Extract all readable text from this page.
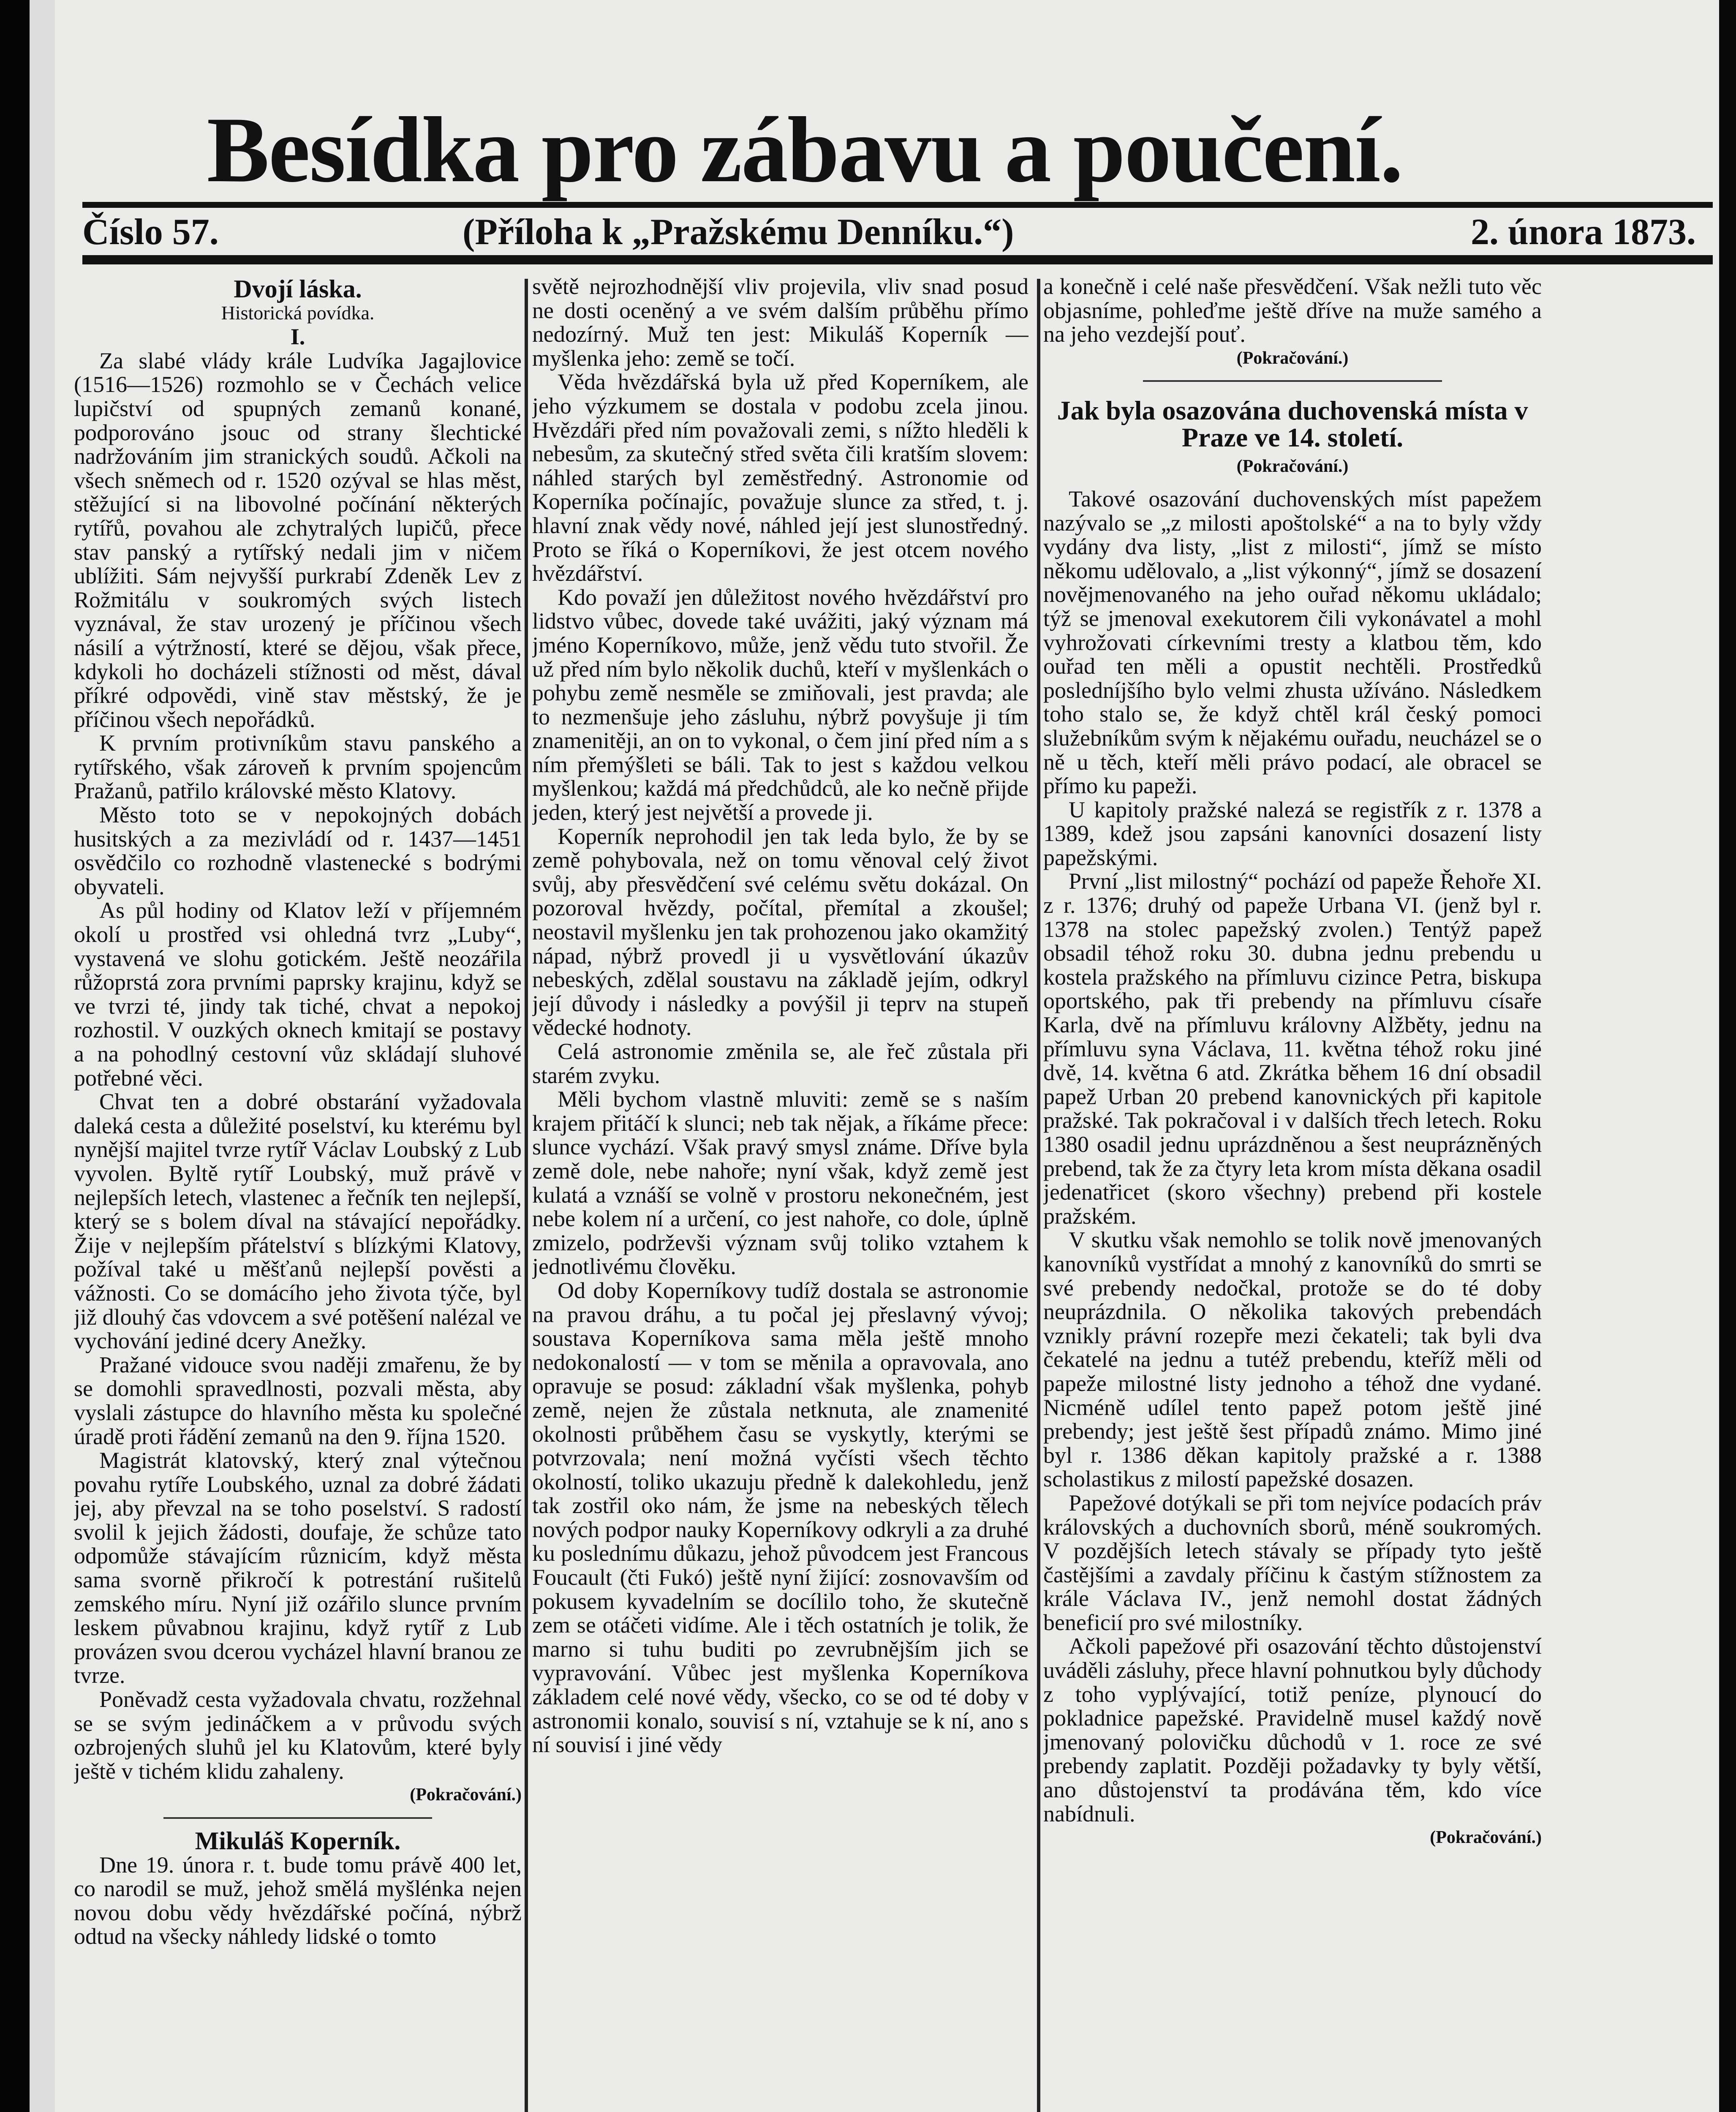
Besídka pro zábavu a poučení.
Číslo 57.	(Příloha k „Pražskému Denníku.“)	2. února 1873.
Dvojí láska.
Historická povídka.
I.

Za slabé vlády krále Ludvíka Jagajlovice (1516—1526) rozmohlo se v Čechách velice lupičství od spupných zemanů konané, podporováno jsouc od strany šlechtické nadržováním jim stranických soudů. Ačkoli na všech sněmech od r. 1520 ozýval se hlas měst, stěžující si na libovolné počínání některých rytířů, povahou ale zchytralých lupičů, přece stav panský a rytířský nedali jim v ničem ublížiti. Sám nejvyšší purkrabí Zdeněk Lev z Rožmitálu v soukromých svých listech vyznával, že stav urozený je příčinou všech násilí a výtržností, které se dějou, však přece, kdykoli ho docházeli stížnosti od měst, dával příkré odpovědi, vině stav městský, že je příčinou všech nepořádků.

K prvním protivníkům stavu panského a rytířského, však zároveň k prvním spojencům Pražanů, patřilo královské město Klatovy.

Město toto se v nepokojných dobách husitských a za mezivládí od r. 1437—1451 osvědčilo co rozhodně vlastenecké s bodrými obyvateli.

As půl hodiny od Klatov leží v příjemném okolí u prostřed vsi ohledná tvrz „Luby“, vystavená ve slohu gotickém. Ještě neozářila růžoprstá zora prvními paprsky krajinu, když se ve tvrzi té, jindy tak tiché, chvat a nepokoj rozhostil. V ouzkých oknech kmitají se postavy a na pohodlný cestovní vůz skládají sluhové potřebné věci.

Chvat ten a dobré obstarání vyžadovala daleká cesta a důležité poselství, ku kterému byl nynější majitel tvrze rytíř Václav Loubský z Lub vyvolen. Byltě rytíř Loubský, muž právě v nejlepších letech, vlastenec a řečník ten nejlepší, který se s bolem díval na stávající nepořádky. Žije v nejlepším přátelství s blízkými Klatovy, požíval také u měšťanů nejlepší pověsti a vážnosti. Co se domácího jeho života týče, byl již dlouhý čas vdovcem a své potěšení nalézal ve vychování jediné dcery Anežky.

Pražané vidouce svou naději zmařenu, že by se domohli spravedlnosti, pozvali města, aby vyslali zástupce do hlavního města ku společné úradě proti řádění zemanů na den 9. října 1520.

Magistrát klatovský, který znal výtečnou povahu rytíře Loubského, uznal za dobré žádati jej, aby převzal na se toho poselství. S radostí svolil k jejich žádosti, doufaje, že schůze tato odpomůže stávajícím různicím, když města sama svorně přikročí k potrestání rušitelů zemského míru. Nyní již ozářilo slunce prvním leskem půvabnou krajinu, když rytíř z Lub provázen svou dcerou vycházel hlavní branou ze tvrze.

Poněvadž cesta vyžadovala chvatu, rozžehnal se se svým jedináčkem a v průvodu svých ozbrojených sluhů jel ku Klatovům, které byly ještě v tichém klidu zahaleny.

(Pokračování.)
Mikuláš Koperník.

Dne 19. února r. t. bude tomu právě 400 let, co narodil se muž, jehož smělá myšlénka nejen novou dobu vědy hvězdářské počíná, nýbrž odtud na všecky náhledy lidské o tomto

světě nejrozhodnější vliv projevila, vliv snad posud ne dosti oceněný a ve svém dalším průběhu přímo nedozírný. Muž ten jest: Mikuláš Koperník — myšlenka jeho: země se točí.

Věda hvězdářská byla už před Koperníkem, ale jeho výzkumem se dostala v podobu zcela jinou. Hvězdáři před ním považovali zemi, s nížto hleděli k nebesům, za skutečný střed světa čili kratším slovem: náhled starých byl zeměstředný. Astronomie od Koperníka počínajíc, považuje slunce za střed, t. j. hlavní znak vědy nové, náhled její jest slunostředný. Proto se říká o Koperníkovi, že jest otcem nového hvězdářství.

Kdo považí jen důležitost nového hvězdářství pro lidstvo vůbec, dovede také uvážiti, jaký význam má jméno Koperníkovo, může, jenž vědu tuto stvořil. Že už před ním bylo několik duchů, kteří v myšlenkách o pohybu země nesměle se zmiňovali, jest pravda; ale to nezmenšuje jeho zásluhu, nýbrž povyšuje ji tím znamenitěji, an on to vykonal, o čem jiní před ním a s ním přemýšleti se báli. Tak to jest s každou velkou myšlenkou; každá má předchůdců, ale ko nečně přijde jeden, který jest největší a provede ji.

Koperník neprohodil jen tak leda bylo, že by se země pohybovala, než on tomu věnoval celý život svůj, aby přesvědčení své celému světu dokázal. On pozoroval hvězdy, počítal, přemítal a zkoušel; neostavil myšlenku jen tak prohozenou jako okamžitý nápad, nýbrž provedl ji u vysvětlování úkazův nebeských, zdělal soustavu na základě jejím, odkryl její důvody i následky a povýšil ji teprv na stupeň vědecké hodnoty.

Celá astronomie změnila se, ale řeč zůstala při starém zvyku.

Měli bychom vlastně mluviti: země se s naším krajem přitáčí k slunci; neb tak nějak, a říkáme přece: slunce vychází. Však pravý smysl známe. Dříve byla země dole, nebe nahoře; nyní však, když země jest kulatá a vznáší se volně v prostoru nekonečném, jest nebe kolem ní a určení, co jest nahoře, co dole, úplně zmizelo, podrževši význam svůj toliko vztahem k jednotlivému člověku.

Od doby Koperníkovy tudíž dostala se astronomie na pravou dráhu, a tu počal jej přeslavný vývoj; soustava Koperníkova sama měla ještě mnoho nedokonalostí — v tom se měnila a opravovala, ano opravuje se posud: základní však myšlenka, pohyb země, nejen že zůstala netknuta, ale znamenité okolnosti průběhem času se vyskytly, kterými se potvrzovala; není možná vyčísti všech těchto okolností, toliko ukazuju předně k dalekohledu, jenž tak zostřil oko nám, že jsme na nebeských tělech nových podpor nauky Koperníkovy odkryli a za druhé ku poslednímu důkazu, jehož původcem jest Francous Foucault (čti Fukó) ještě nyní žijící: zosnovavším od pokusem kyvadelním se docílilo toho, že skutečně zem se otáčeti vidíme. Ale i těch ostatních je tolik, že marno si tuhu buditi po zevrubnějším jich se vypravování. Vůbec jest myšlenka Koperníkova základem celé nové vědy, všecko, co se od té doby v astronomii konalo, souvisí s ní, vztahuje se k ní, ano s ní souvisí i jiné vědy

a konečně i celé naše přesvědčení. Však nežli tuto věc objasníme, pohleďme ještě dříve na muže samého a na jeho vezdejší pouť.

(Pokračování.)
Jak byla osazována duchovenská místa v Praze ve 14. století.
(Pokračování.)

Takové osazování duchovenských míst papežem nazývalo se „z milosti apoštolské“ a na to byly vždy vydány dva listy, „list z milosti“, jímž se místo někomu udělovalo, a „list výkonný“, jímž se dosazení novějmenovaného na jeho ouřad někomu ukládalo; týž se jmenoval exekutorem čili vykonávatel a mohl vyhrožovati církevními tresty a klatbou těm, kdo ouřad ten měli a opustit nechtěli. Prostředků posledníjšího bylo velmi zhusta užíváno. Následkem toho stalo se, že když chtěl král český pomoci služebníkům svým k nějakému ouřadu, neucházel se o ně u těch, kteří měli právo podací, ale obracel se přímo ku papeži.

U kapitoly pražské nalezá se registřík z r. 1378 a 1389, kdež jsou zapsáni kanovníci dosazení listy papežskými.

První „list milostný“ pochází od papeže Řehoře XI. z r. 1376; druhý od papeže Urbana VI. (jenž byl r. 1378 na stolec papežský zvolen.) Tentýž papež obsadil téhož roku 30. dubna jednu prebendu u kostela pražského na přímluvu cizince Petra, biskupa oportského, pak tři prebendy na přímluvu císaře Karla, dvě na přímluvu královny Alžběty, jednu na přímluvu syna Václava, 11. května téhož roku jiné dvě, 14. května 6 atd. Zkrátka během 16 dní obsadil papež Urban 20 prebend kanovnických při kapitole pražské. Tak pokračoval i v dalších třech letech. Roku 1380 osadil jednu uprázdněnou a šest neuprázněných prebend, tak že za čtyry leta krom místa děkana osadil jedenatřicet (skoro všechny) prebend při kostele pražském.

V skutku však nemohlo se tolik nově jmenovaných kanovníků vystřídat a mnohý z kanovníků do smrti se své prebendy nedočkal, protože se do té doby neuprázdnila. O několika takových prebendách vznikly právní rozepře mezi čekateli; tak byli dva čekatelé na jednu a tutéž prebendu, kteříž měli od papeže milostné listy jednoho a téhož dne vydané. Nicméně udílel tento papež potom ještě jiné prebendy; jest ještě šest případů známo. Mimo jiné byl r. 1386 děkan kapitoly pražské a r. 1388 scholastikus z milostí papežské dosazen.

Papežové dotýkali se při tom nejvíce podacích práv královských a duchovních sborů, méně soukromých. V pozdějších letech stávaly se případy tyto ještě častějšími a zavdaly příčinu k častým stížnostem za krále Václava IV., jenž nemohl dostat žádných beneficií pro své milostníky.

Ačkoli papežové při osazování těchto důstojenství uváděli zásluhy, přece hlavní pohnutkou byly důchody z toho vyplývající, totiž peníze, plynoucí do pokladnice papežské. Pravidelně musel každý nově jmenovaný polovičku důchodů v 1. roce ze své prebendy zaplatit. Později požadavky ty byly větší, ano důstojenství ta prodávána těm, kdo více nabídnuli.

(Pokračování.)
